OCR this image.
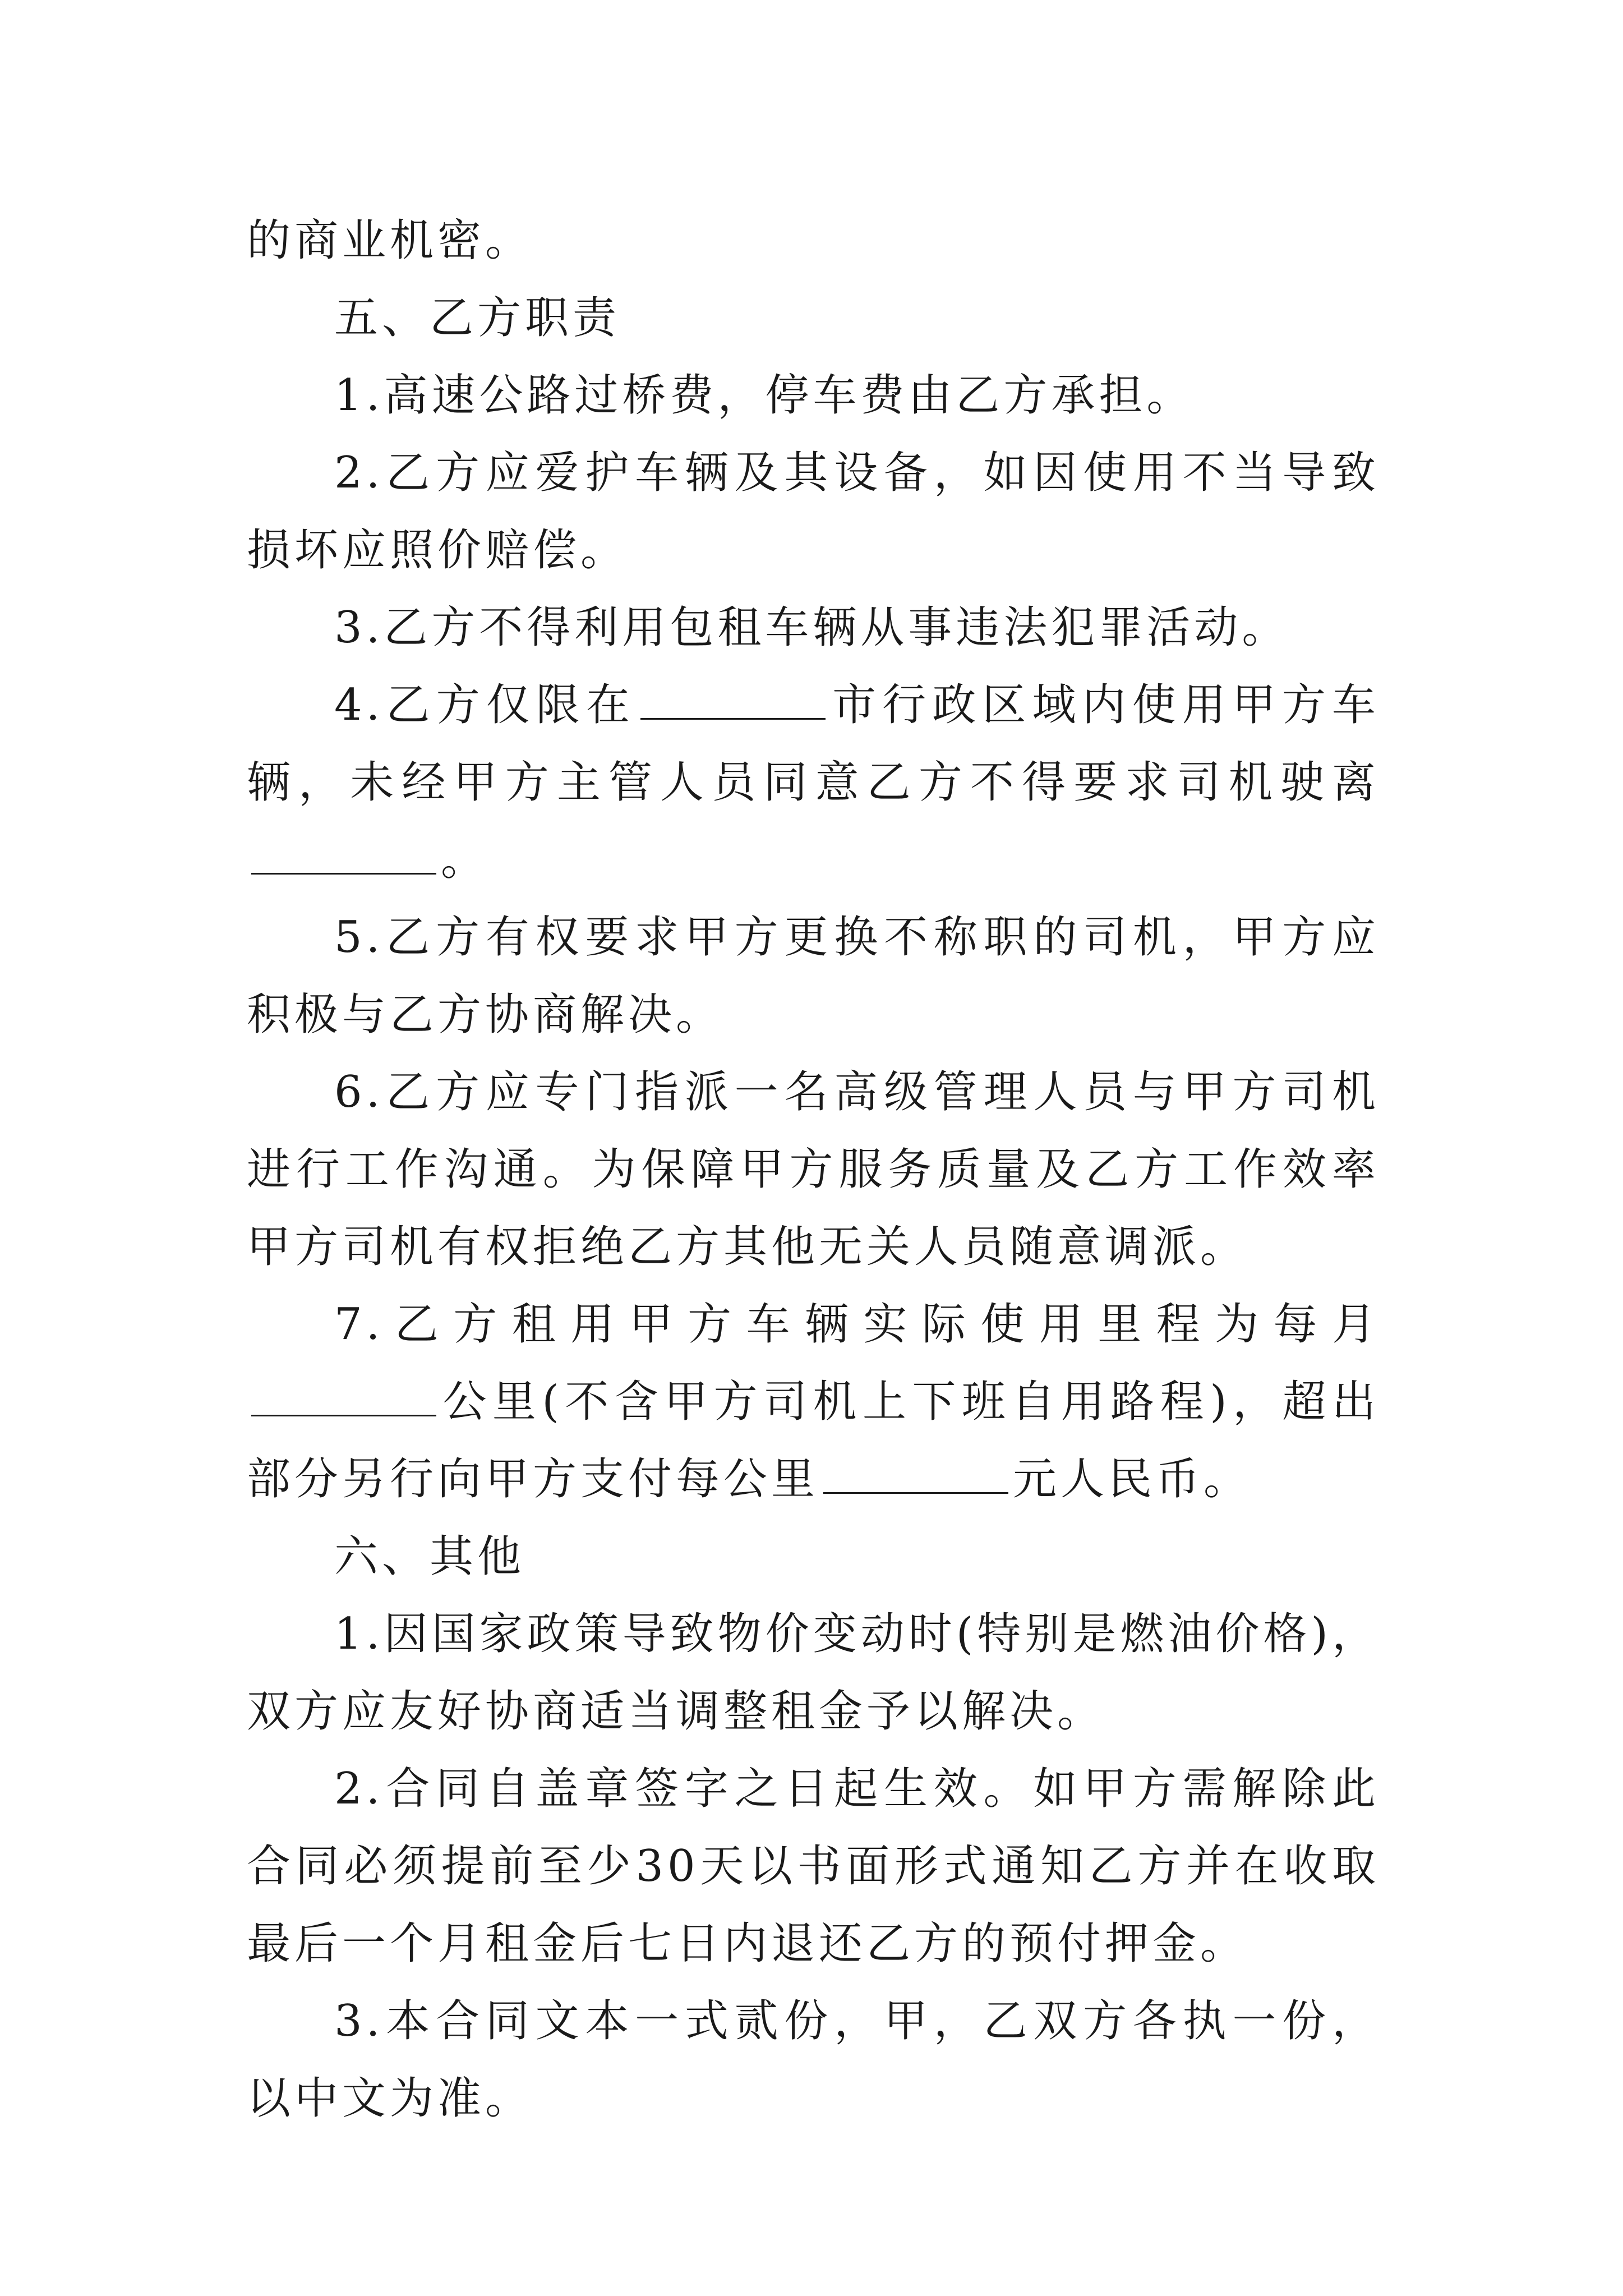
的商业机密。

五、乙方职责

1.高速公路过桥费，停车费由乙方承担。

2.乙方应爱护车辆及其设备，如因使用不当导致损坏应照价赔偿。

3.乙方不得利用包租车辆从事违法犯罪活动。

4.乙方仅限在	市行政区域内使用甲方车辆，未经甲方主管人员同意乙方不得要求司机驶离。

5.乙方有权要求甲方更换不称职的司机，甲方应积极与乙方协商解决。

6.乙方应专门指派一名高级管理人员与甲方司机进行工作沟通。为保障甲方服务质量及乙方工作效率甲方司机有权拒绝乙方其他无关人员随意调派。

7.乙方租用甲方车辆实际使用里程为每月公里(不含甲方司机上下班自用路程)，超出部分另行向甲方支付每公里	元人民币。

六、其他

1.因国家政策导致物价变动时(特别是燃油价格)，双方应友好协商适当调整租金予以解决。

2.合同自盖章签字之日起生效。如甲方需解除此合同必须提前至少30天以书面形式通知乙方并在收取最后一个月租金后七日内退还乙方的预付押金。

3.本合同文本一式贰份，甲，乙双方各执一份，以中文为准。
